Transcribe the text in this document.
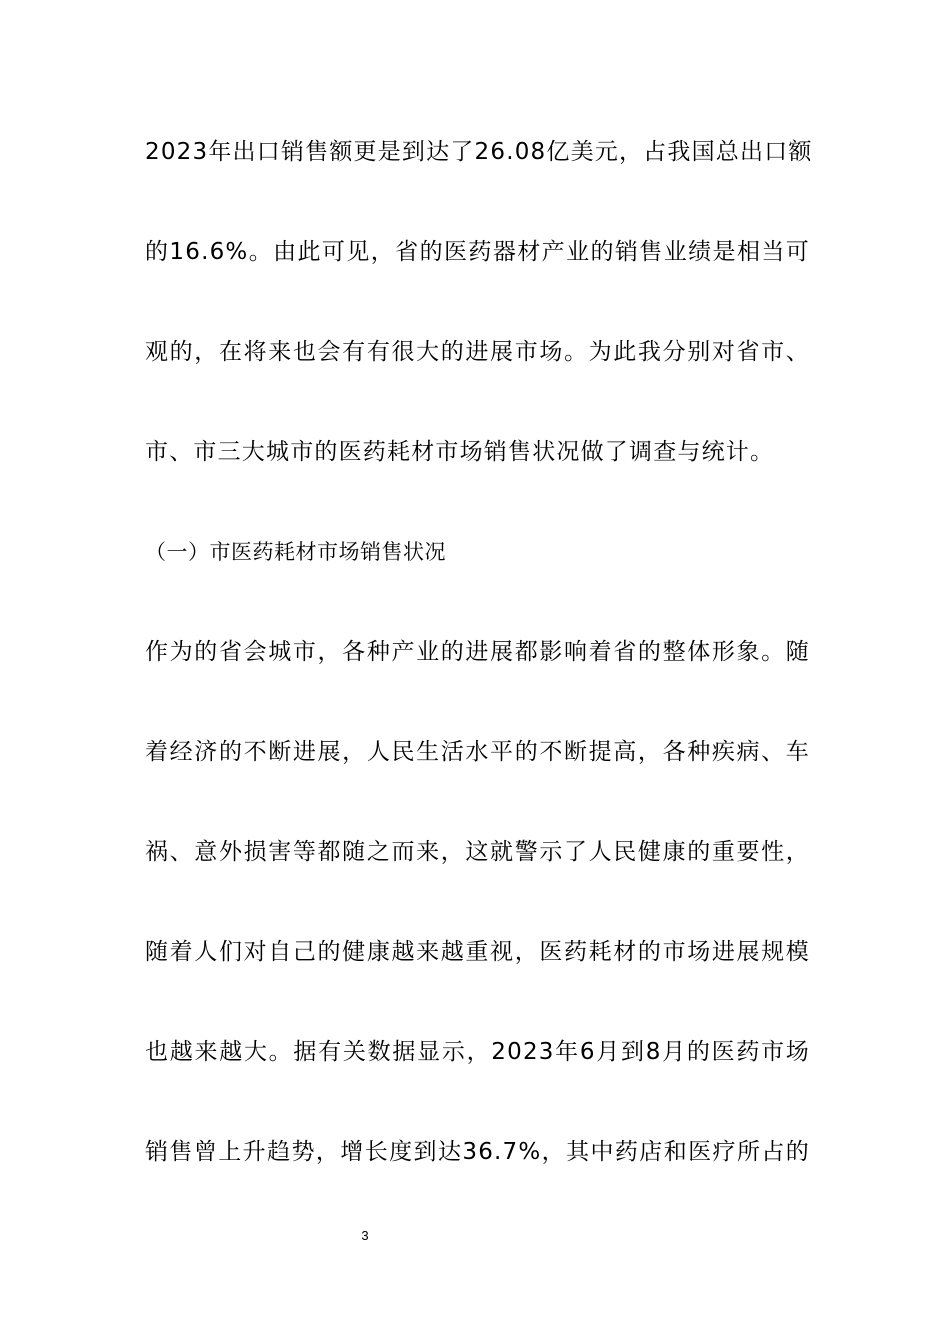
2023年出口销售额更是到达了26.08亿美元，占我国总出口额
的16.6%。由此可见，省的医药器材产业的销售业绩是相当可
观的，在将来也会有有很大的进展市场。为此我分别对省市、
市、市三大城市的医药耗材市场销售状况做了调查与统计。
（一）市医药耗材市场销售状况
作为的省会城市，各种产业的进展都影响着省的整体形象。随
着经济的不断进展，人民生活水平的不断提高，各种疾病、车
祸、意外损害等都随之而来，这就警示了人民健康的重要性，
随着人们对自己的健康越来越重视，医药耗材的市场进展规模
也越来越大。据有关数据显示，2023年6月到8月的医药市场
销售曾上升趋势，增长度到达36.7%，其中药店和医疗所占的
3
